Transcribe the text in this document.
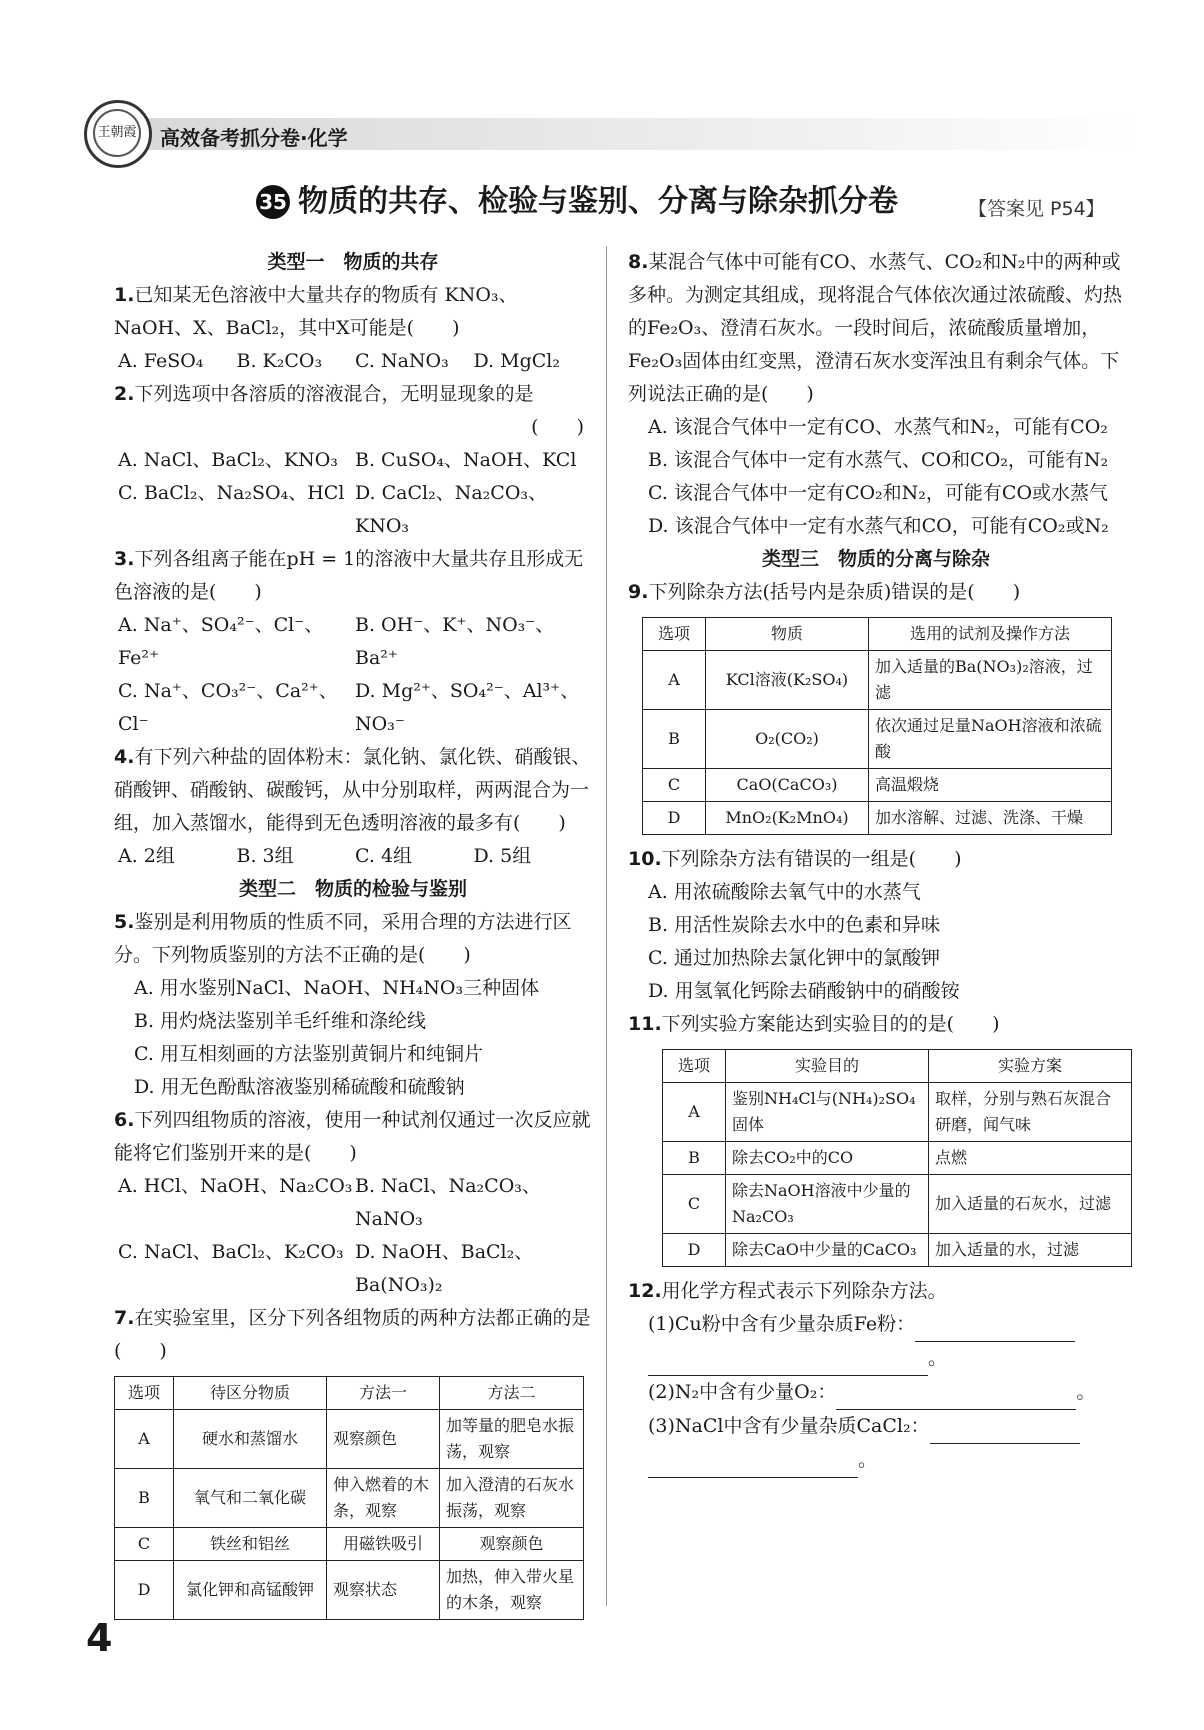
王朝霞 高效备考抓分卷·化学
35 物质的共存、检验与鉴别、分离与除杂抓分卷	【答案见 P54】
类型一　物质的共存
1.已知某无色溶液中大量共存的物质有 KNO₃、NaOH、X、BaCl₂，其中X可能是(　　)
A. FeSO₄	B. K₂CO₃	C. NaNO₃	D. MgCl₂
2.下列选项中各溶质的溶液混合，无明显现象的是
(　　)
A. NaCl、BaCl₂、KNO₃ B. CuSO₄、NaOH、KCl
C. BaCl₂、Na₂SO₄、HCl D. CaCl₂、Na₂CO₃、KNO₃
3.下列各组离子能在pH = 1的溶液中大量共存且形成无色溶液的是(　　)
A. Na⁺、SO₄²⁻、Cl⁻、Fe²⁺
B. OH⁻、K⁺、NO₃⁻、Ba²⁺
C. Na⁺、CO₃²⁻、Ca²⁺、Cl⁻
D. Mg²⁺、SO₄²⁻、Al³⁺、NO₃⁻
4.有下列六种盐的固体粉末：氯化钠、氯化铁、硝酸银、硝酸钾、硝酸钠、碳酸钙，从中分别取样，两两混合为一组，加入蒸馏水，能得到无色透明溶液的最多有(　　)
A. 2组	B. 3组	C. 4组	D. 5组
类型二　物质的检验与鉴别
5.鉴别是利用物质的性质不同，采用合理的方法进行区分。下列物质鉴别的方法不正确的是(　　)
A. 用水鉴别NaCl、NaOH、NH₄NO₃三种固体
B. 用灼烧法鉴别羊毛纤维和涤纶线
C. 用互相刻画的方法鉴别黄铜片和纯铜片
D. 用无色酚酞溶液鉴别稀硫酸和硫酸钠
6.下列四组物质的溶液，使用一种试剂仅通过一次反应就能将它们鉴别开来的是(　　)
A. HCl、NaOH、Na₂CO₃ B. NaCl、Na₂CO₃、NaNO₃
C. NaCl、BaCl₂、K₂CO₃ D. NaOH、BaCl₂、Ba(NO₃)₂
7.在实验室里，区分下列各组物质的两种方法都正确的是(　　)
选项	待区分物质	方法一	方法二
A	硬水和蒸馏水	观察颜色	加等量的肥皂水振荡，观察
B	氧气和二氧化碳	伸入燃着的木条，观察	加入澄清的石灰水振荡，观察
C	铁丝和铝丝	用磁铁吸引	观察颜色
D	氯化钾和高锰酸钾	观察状态	加热，伸入带火星的木条，观察
8.某混合气体中可能有CO、水蒸气、CO₂和N₂中的两种或多种。为测定其组成，现将混合气体依次通过浓硫酸、灼热的Fe₂O₃、澄清石灰水。一段时间后，浓硫酸质量增加，Fe₂O₃固体由红变黑，澄清石灰水变浑浊且有剩余气体。下列说法正确的是(　　)
A. 该混合气体中一定有CO、水蒸气和N₂，可能有CO₂
B. 该混合气体中一定有水蒸气、CO和CO₂，可能有N₂
C. 该混合气体中一定有CO₂和N₂，可能有CO或水蒸气
D. 该混合气体中一定有水蒸气和CO，可能有CO₂或N₂
类型三　物质的分离与除杂
9.下列除杂方法(括号内是杂质)错误的是(　　)
选项	物质	选用的试剂及操作方法
A	KCl溶液(K₂SO₄)	加入适量的Ba(NO₃)₂溶液，过滤
B	O₂(CO₂)	依次通过足量NaOH溶液和浓硫酸
C	CaO(CaCO₃)	高温煅烧
D	MnO₂(K₂MnO₄)	加水溶解、过滤、洗涤、干燥
10.下列除杂方法有错误的一组是(　　)
A. 用浓硫酸除去氧气中的水蒸气
B. 用活性炭除去水中的色素和异味
C. 通过加热除去氯化钾中的氯酸钾
D. 用氢氧化钙除去硝酸钠中的硝酸铵
11.下列实验方案能达到实验目的的是(　　)
选项	实验目的	实验方案
A	鉴别NH₄Cl与(NH₄)₂SO₄固体	取样，分别与熟石灰混合研磨，闻气味
B	除去CO₂中的CO	点燃
C	除去NaOH溶液中少量的Na₂CO₃	加入适量的石灰水，过滤
D	除去CaO中少量的CaCO₃	加入适量的水，过滤
12.用化学方程式表示下列除杂方法。
(1)Cu粉中含有少量杂质Fe粉：
。
(2)N₂中含有少量O₂：	。
(3)NaCl中含有少量杂质CaCl₂：
。
4
